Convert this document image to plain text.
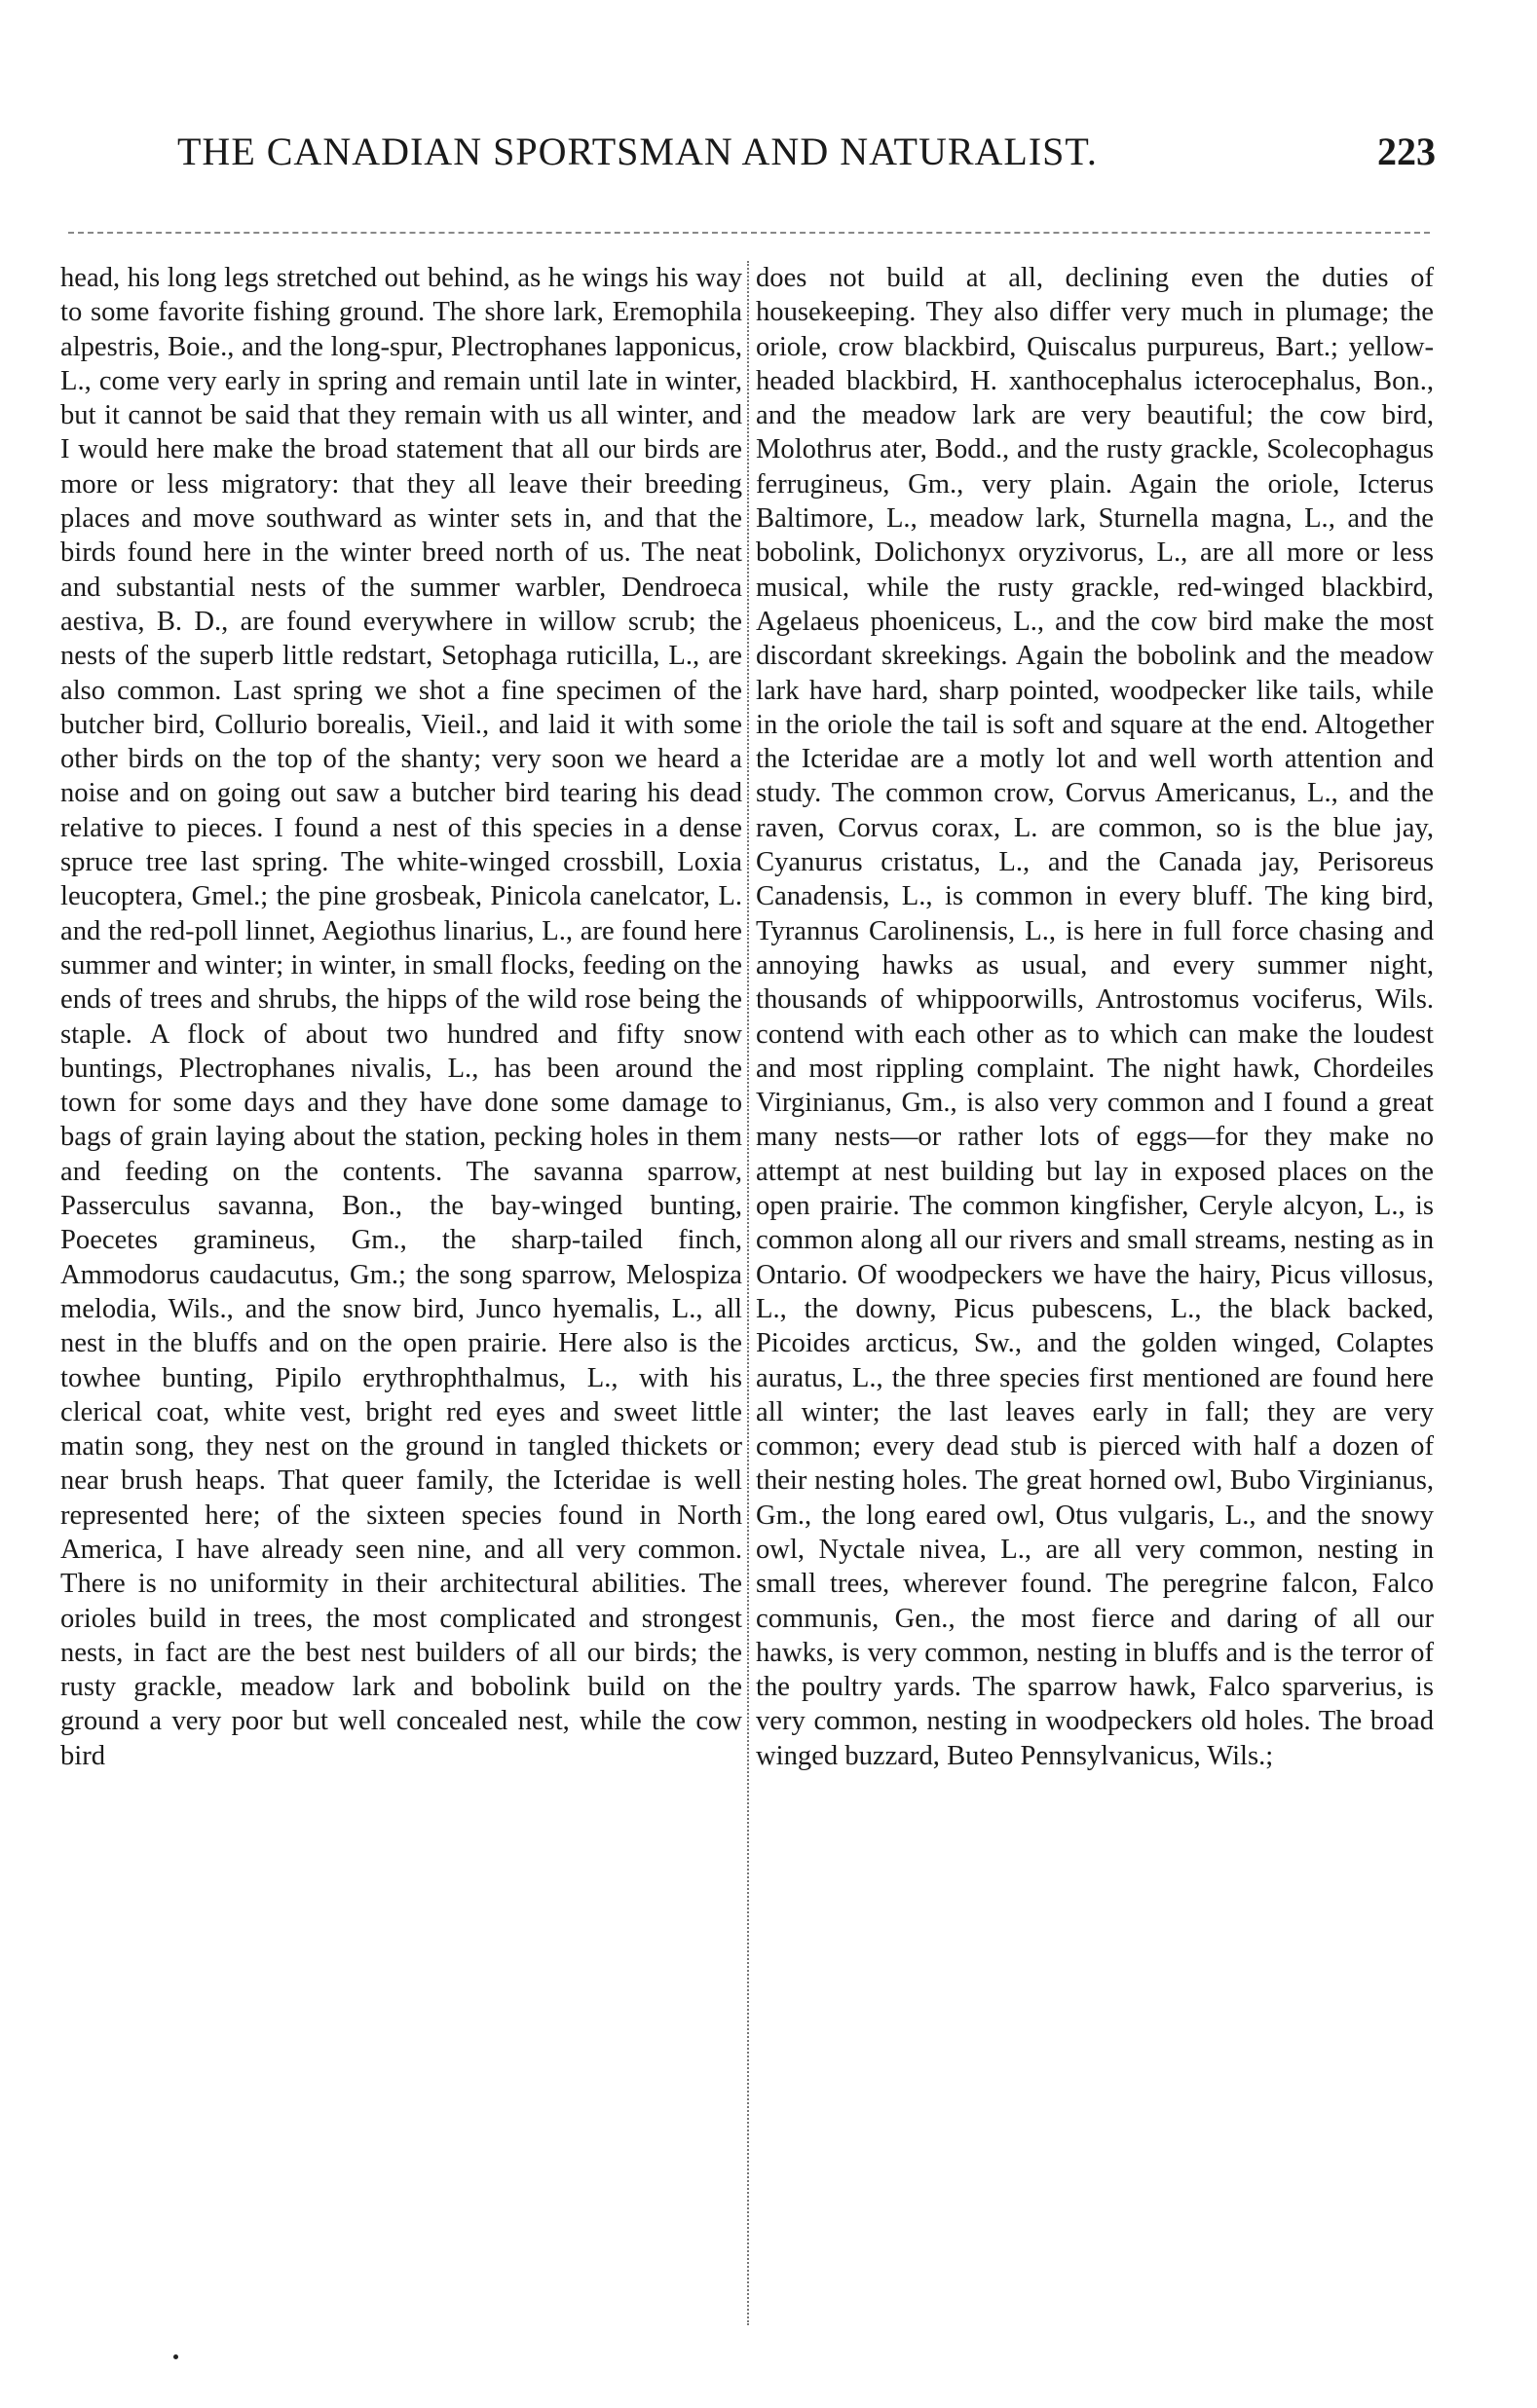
THE CANADIAN SPORTSMAN AND NATURALIST.	223

head, his long legs stretched out behind, as he wings his way to some favorite fishing ground. The shore lark, Eremophila alpestris, Boie., and the long-spur, Plectrophanes lapponicus, L., come very early in spring and remain until late in winter, but it cannot be said that they remain with us all winter, and I would here make the broad statement that all our birds are more or less migratory: that they all leave their breeding places and move southward as winter sets in, and that the birds found here in the winter breed north of us. The neat and substantial nests of the summer warbler, Dendroeca aestiva, B. D., are found everywhere in willow scrub; the nests of the superb little redstart, Setophaga ruticilla, L., are also common. Last spring we shot a fine specimen of the butcher bird, Collurio borealis, Vieil., and laid it with some other birds on the top of the shanty; very soon we heard a noise and on going out saw a butcher bird tearing his dead relative to pieces. I found a nest of this species in a dense spruce tree last spring. The white-winged crossbill, Loxia leucoptera, Gmel.; the pine grosbeak, Pinicola canelcator, L. and the red-poll linnet, Aegiothus linarius, L., are found here summer and winter; in winter, in small flocks, feeding on the ends of trees and shrubs, the hipps of the wild rose being the staple. A flock of about two hundred and fifty snow buntings, Plectrophanes nivalis, L., has been around the town for some days and they have done some damage to bags of grain laying about the station, pecking holes in them and feeding on the contents. The savanna sparrow, Passerculus savanna, Bon., the bay-winged bunting, Poecetes gramineus, Gm., the sharp-tailed finch, Ammodorus caudacutus, Gm.; the song sparrow, Melospiza melodia, Wils., and the snow bird, Junco hyemalis, L., all nest in the bluffs and on the open prairie. Here also is the towhee bunting, Pipilo erythrophthalmus, L., with his clerical coat, white vest, bright red eyes and sweet little matin song, they nest on the ground in tangled thickets or near brush heaps. That queer family, the Icteridae is well represented here; of the sixteen species found in North America, I have already seen nine, and all very common. There is no uniformity in their architectural abilities. The orioles build in trees, the most complicated and strongest nests, in fact are the best nest builders of all our birds; the rusty grackle, meadow lark and bobolink build on the ground a very poor but well concealed nest, while the cow bird

does not build at all, declining even the duties of housekeeping. They also differ very much in plumage; the oriole, crow blackbird, Quiscalus purpureus, Bart.; yellow-headed blackbird, H. xanthocephalus icterocephalus, Bon., and the meadow lark are very beautiful; the cow bird, Molothrus ater, Bodd., and the rusty grackle, Scolecophagus ferrugineus, Gm., very plain. Again the oriole, Icterus Baltimore, L., meadow lark, Sturnella magna, L., and the bobolink, Dolichonyx oryzivorus, L., are all more or less musical, while the rusty grackle, red-winged blackbird, Agelaeus phoeniceus, L., and the cow bird make the most discordant skreekings. Again the bobolink and the meadow lark have hard, sharp pointed, woodpecker like tails, while in the oriole the tail is soft and square at the end. Altogether the Icteridae are a motly lot and well worth attention and study. The common crow, Corvus Americanus, L., and the raven, Corvus corax, L. are common, so is the blue jay, Cyanurus cristatus, L., and the Canada jay, Perisoreus Canadensis, L., is common in every bluff. The king bird, Tyrannus Carolinensis, L., is here in full force chasing and annoying hawks as usual, and every summer night, thousands of whippoorwills, Antrostomus vociferus, Wils. contend with each other as to which can make the loudest and most rippling complaint. The night hawk, Chordeiles Virginianus, Gm., is also very common and I found a great many nests—or rather lots of eggs—for they make no attempt at nest building but lay in exposed places on the open prairie. The common kingfisher, Ceryle alcyon, L., is common along all our rivers and small streams, nesting as in Ontario. Of woodpeckers we have the hairy, Picus villosus, L., the downy, Picus pubescens, L., the black backed, Picoides arcticus, Sw., and the golden winged, Colaptes auratus, L., the three species first mentioned are found here all winter; the last leaves early in fall; they are very common; every dead stub is pierced with half a dozen of their nesting holes. The great horned owl, Bubo Virginianus, Gm., the long eared owl, Otus vulgaris, L., and the snowy owl, Nyctale nivea, L., are all very common, nesting in small trees, wherever found. The peregrine falcon, Falco communis, Gen., the most fierce and daring of all our hawks, is very common, nesting in bluffs and is the terror of the poultry yards. The sparrow hawk, Falco sparverius, is very common, nesting in woodpeckers old holes. The broad winged buzzard, Buteo Pennsylvanicus, Wils.;
